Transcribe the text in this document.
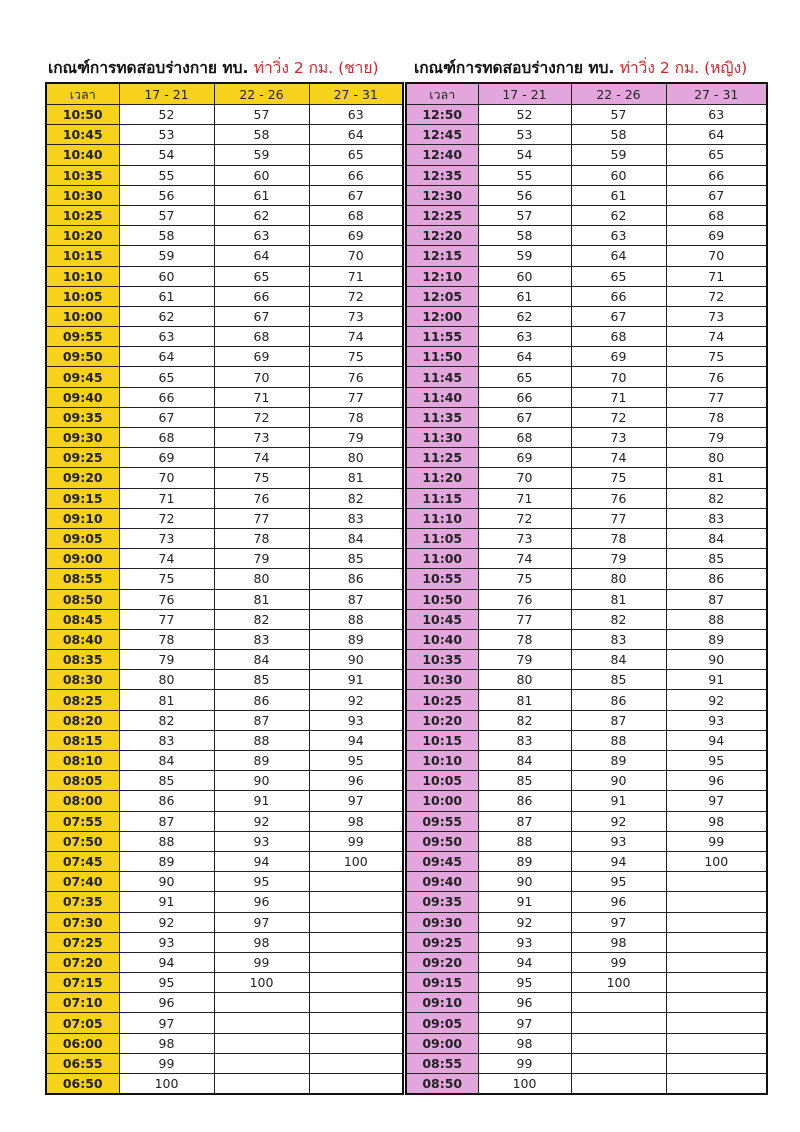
เกณฑ์การทดสอบร่างกาย ทบ. ท่าวิ่ง 2 กม. (ชาย) เกณฑ์การทดสอบร่างกาย ทบ. ท่าวิ่ง 2 กม. (หญิง)
เวลา	17 - 21	22 - 26	27 - 31
10:50	52	57	63
10:45	53	58	64
10:40	54	59	65
10:35	55	60	66
10:30	56	61	67
10:25	57	62	68
10:20	58	63	69
10:15	59	64	70
10:10	60	65	71
10:05	61	66	72
10:00	62	67	73
09:55	63	68	74
09:50	64	69	75
09:45	65	70	76
09:40	66	71	77
09:35	67	72	78
09:30	68	73	79
09:25	69	74	80
09:20	70	75	81
09:15	71	76	82
09:10	72	77	83
09:05	73	78	84
09:00	74	79	85
08:55	75	80	86
08:50	76	81	87
08:45	77	82	88
08:40	78	83	89
08:35	79	84	90
08:30	80	85	91
08:25	81	86	92
08:20	82	87	93
08:15	83	88	94
08:10	84	89	95
08:05	85	90	96
08:00	86	91	97
07:55	87	92	98
07:50	88	93	99
07:45	89	94	100
07:40	90	95	
07:35	91	96	
07:30	92	97	
07:25	93	98	
07:20	94	99	
07:15	95	100	
07:10	96		
07:05	97		
06:00	98		
06:55	99		
06:50	100		
เวลา	17 - 21	22 - 26	27 - 31
12:50	52	57	63
12:45	53	58	64
12:40	54	59	65
12:35	55	60	66
12:30	56	61	67
12:25	57	62	68
12:20	58	63	69
12:15	59	64	70
12:10	60	65	71
12:05	61	66	72
12:00	62	67	73
11:55	63	68	74
11:50	64	69	75
11:45	65	70	76
11:40	66	71	77
11:35	67	72	78
11:30	68	73	79
11:25	69	74	80
11:20	70	75	81
11:15	71	76	82
11:10	72	77	83
11:05	73	78	84
11:00	74	79	85
10:55	75	80	86
10:50	76	81	87
10:45	77	82	88
10:40	78	83	89
10:35	79	84	90
10:30	80	85	91
10:25	81	86	92
10:20	82	87	93
10:15	83	88	94
10:10	84	89	95
10:05	85	90	96
10:00	86	91	97
09:55	87	92	98
09:50	88	93	99
09:45	89	94	100
09:40	90	95	
09:35	91	96	
09:30	92	97	
09:25	93	98	
09:20	94	99	
09:15	95	100	
09:10	96		
09:05	97		
09:00	98		
08:55	99		
08:50	100		
